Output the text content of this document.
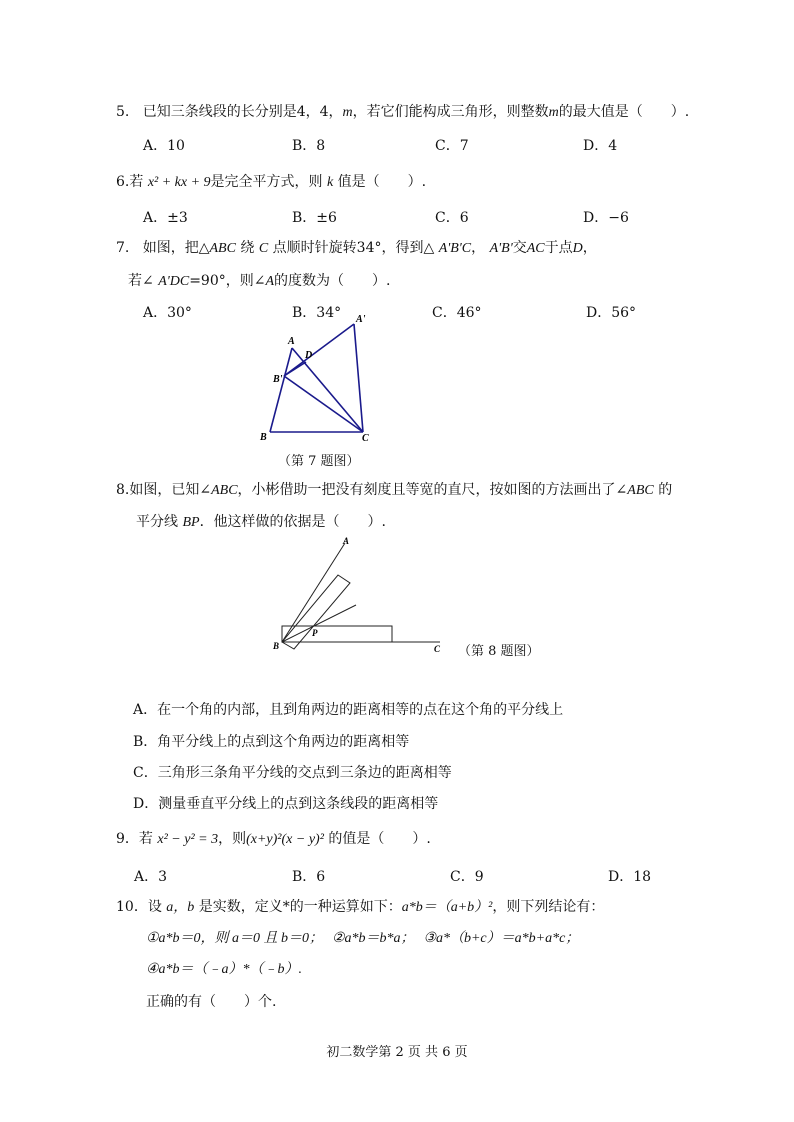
5. 已知三条线段的长分别是4，4，m，若它们能构成三角形，则整数m的最大值是（　　）.
A．10	B．8	C．7	D．4
6.若 x² + kx + 9是完全平方式，则 k 值是（　　）.
A．±3	B．±6	C．6	D．−6
7. 如图，把△ABC 绕 C 点顺时针旋转34°，得到△ A'B'C， A'B'交AC于点D，
若∠ A'DC=90°，则∠A的度数为（　　）.
A．30°	B．34°	C．46°	D．56°
A
D
A'
B'
B	C
（第 7 题图）
8.如图，已知∠ABC，小彬借助一把没有刻度且等宽的直尺，按如图的方法画出了∠ABC 的
平分线 BP．他这样做的依据是（　　）.
A
P
B	C （第 8 题图）
A．在一个角的内部，且到角两边的距离相等的点在这个角的平分线上
B．角平分线上的点到这个角两边的距离相等
C．三角形三条角平分线的交点到三条边的距离相等
D．测量垂直平分线上的点到这条线段的距离相等
9．若 x² − y² = 3，则(x+y)²(x − y)² 的值是（　　）.
A．3	B．6	C．9	D．18
10．设 a，b 是实数，定义*的一种运算如下：a*b＝（a+b）²，则下列结论有：
①a*b＝0，则 a＝0 且 b＝0； ②a*b＝b*a； ③a*（b+c）＝a*b+a*c；
④a*b＝（﹣a）*（﹣b）.
正确的有（　　）个.
初二数学第 2 页 共 6 页
